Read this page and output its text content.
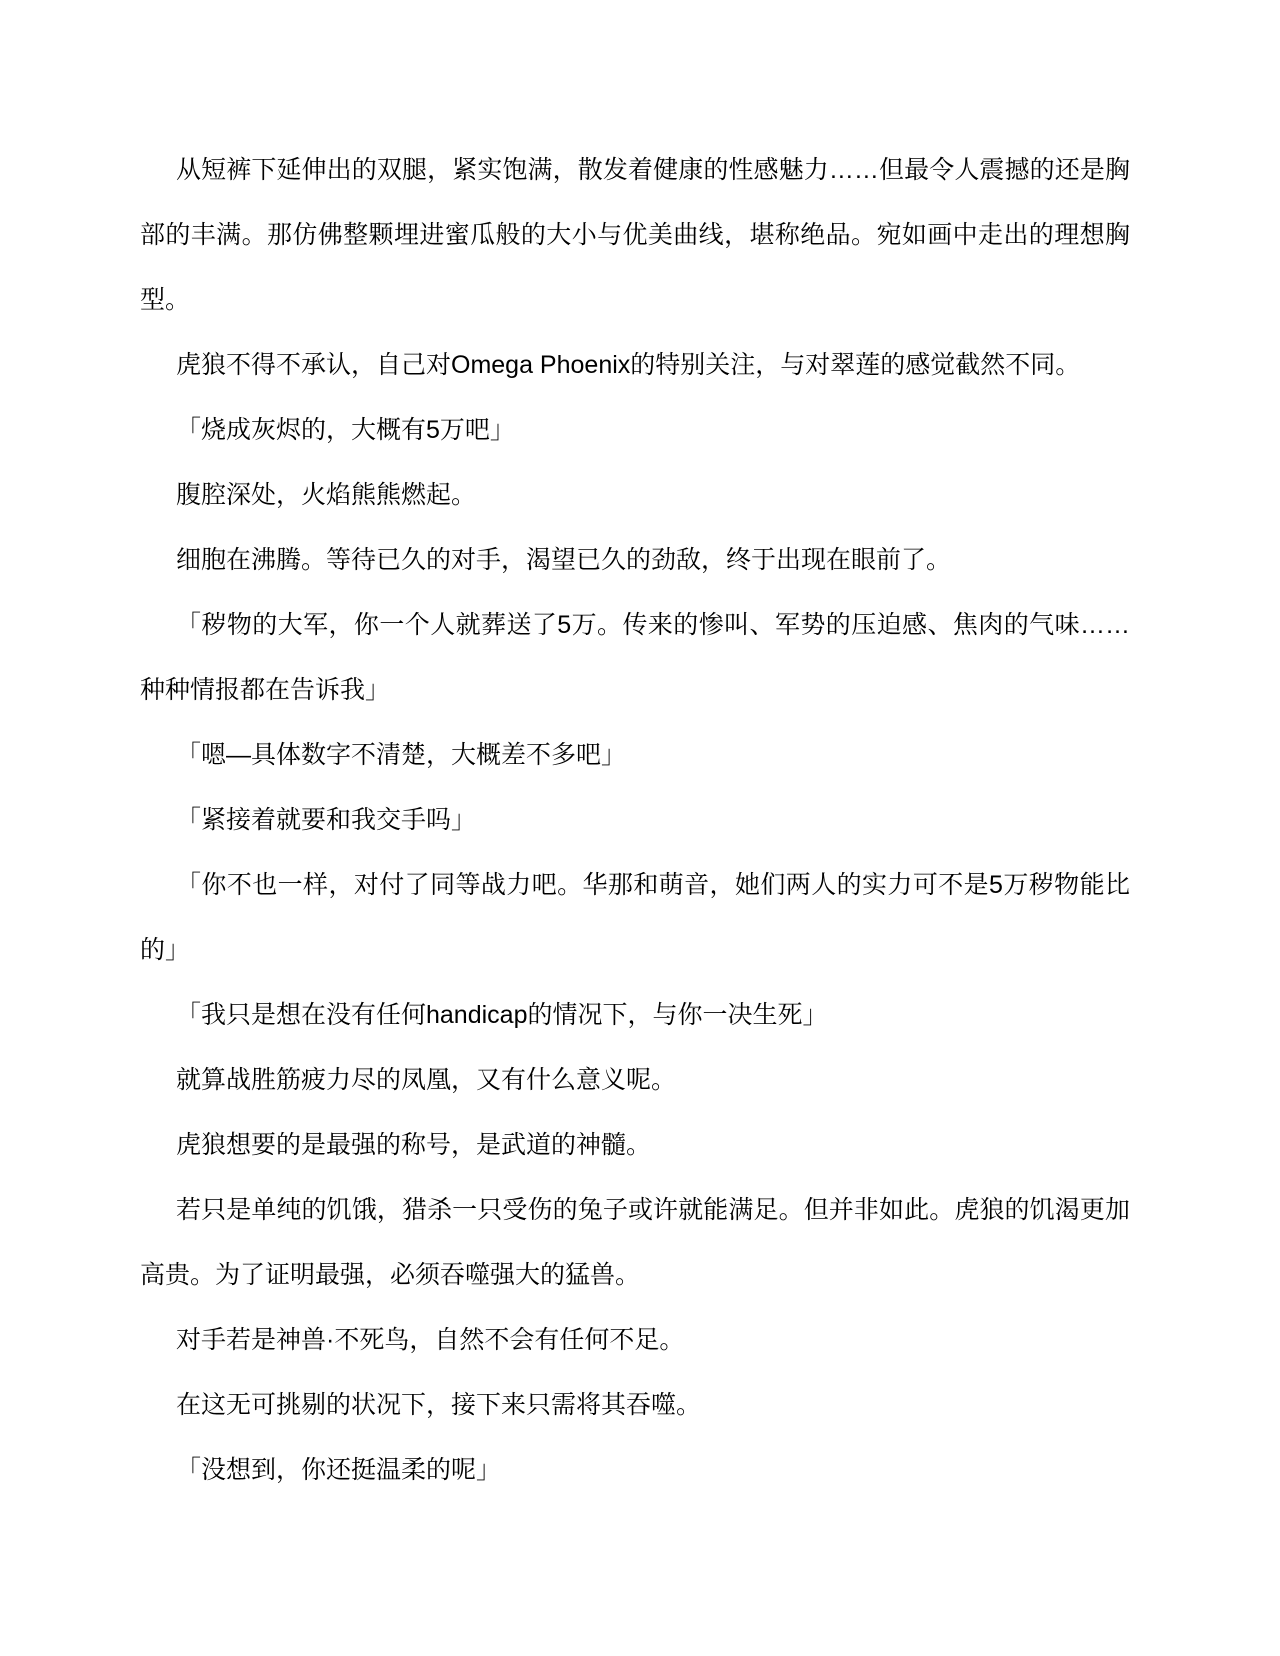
从短裤下延伸出的双腿，紧实饱满，散发着健康的性感魅力……但最令人震撼的还是胸部的丰满。那仿佛整颗埋进蜜瓜般的大小与优美曲线，堪称绝品。宛如画中走出的理想胸型。

虎狼不得不承认，自己对Omega Phoenix的特别关注，与对翠莲的感觉截然不同。

「烧成灰烬的，大概有5万吧」

腹腔深处，火焰熊熊燃起。

细胞在沸腾。等待已久的对手，渴望已久的劲敌，终于出现在眼前了。

「秽物的大军，你一个人就葬送了5万。传来的惨叫、军势的压迫感、焦肉的气味……种种情报都在告诉我」

「嗯—具体数字不清楚，大概差不多吧」

「紧接着就要和我交手吗」

「你不也一样，对付了同等战力吧。华那和萌音，她们两人的实力可不是5万秽物能比的」

「我只是想在没有任何handicap的情况下，与你一决生死」

就算战胜筋疲力尽的凤凰，又有什么意义呢。

虎狼想要的是最强的称号，是武道的神髓。

若只是单纯的饥饿，猎杀一只受伤的兔子或许就能满足。但并非如此。虎狼的饥渴更加高贵。为了证明最强，必须吞噬强大的猛兽。

对手若是神兽·不死鸟，自然不会有任何不足。

在这无可挑剔的状况下，接下来只需将其吞噬。

「没想到，你还挺温柔的呢」
